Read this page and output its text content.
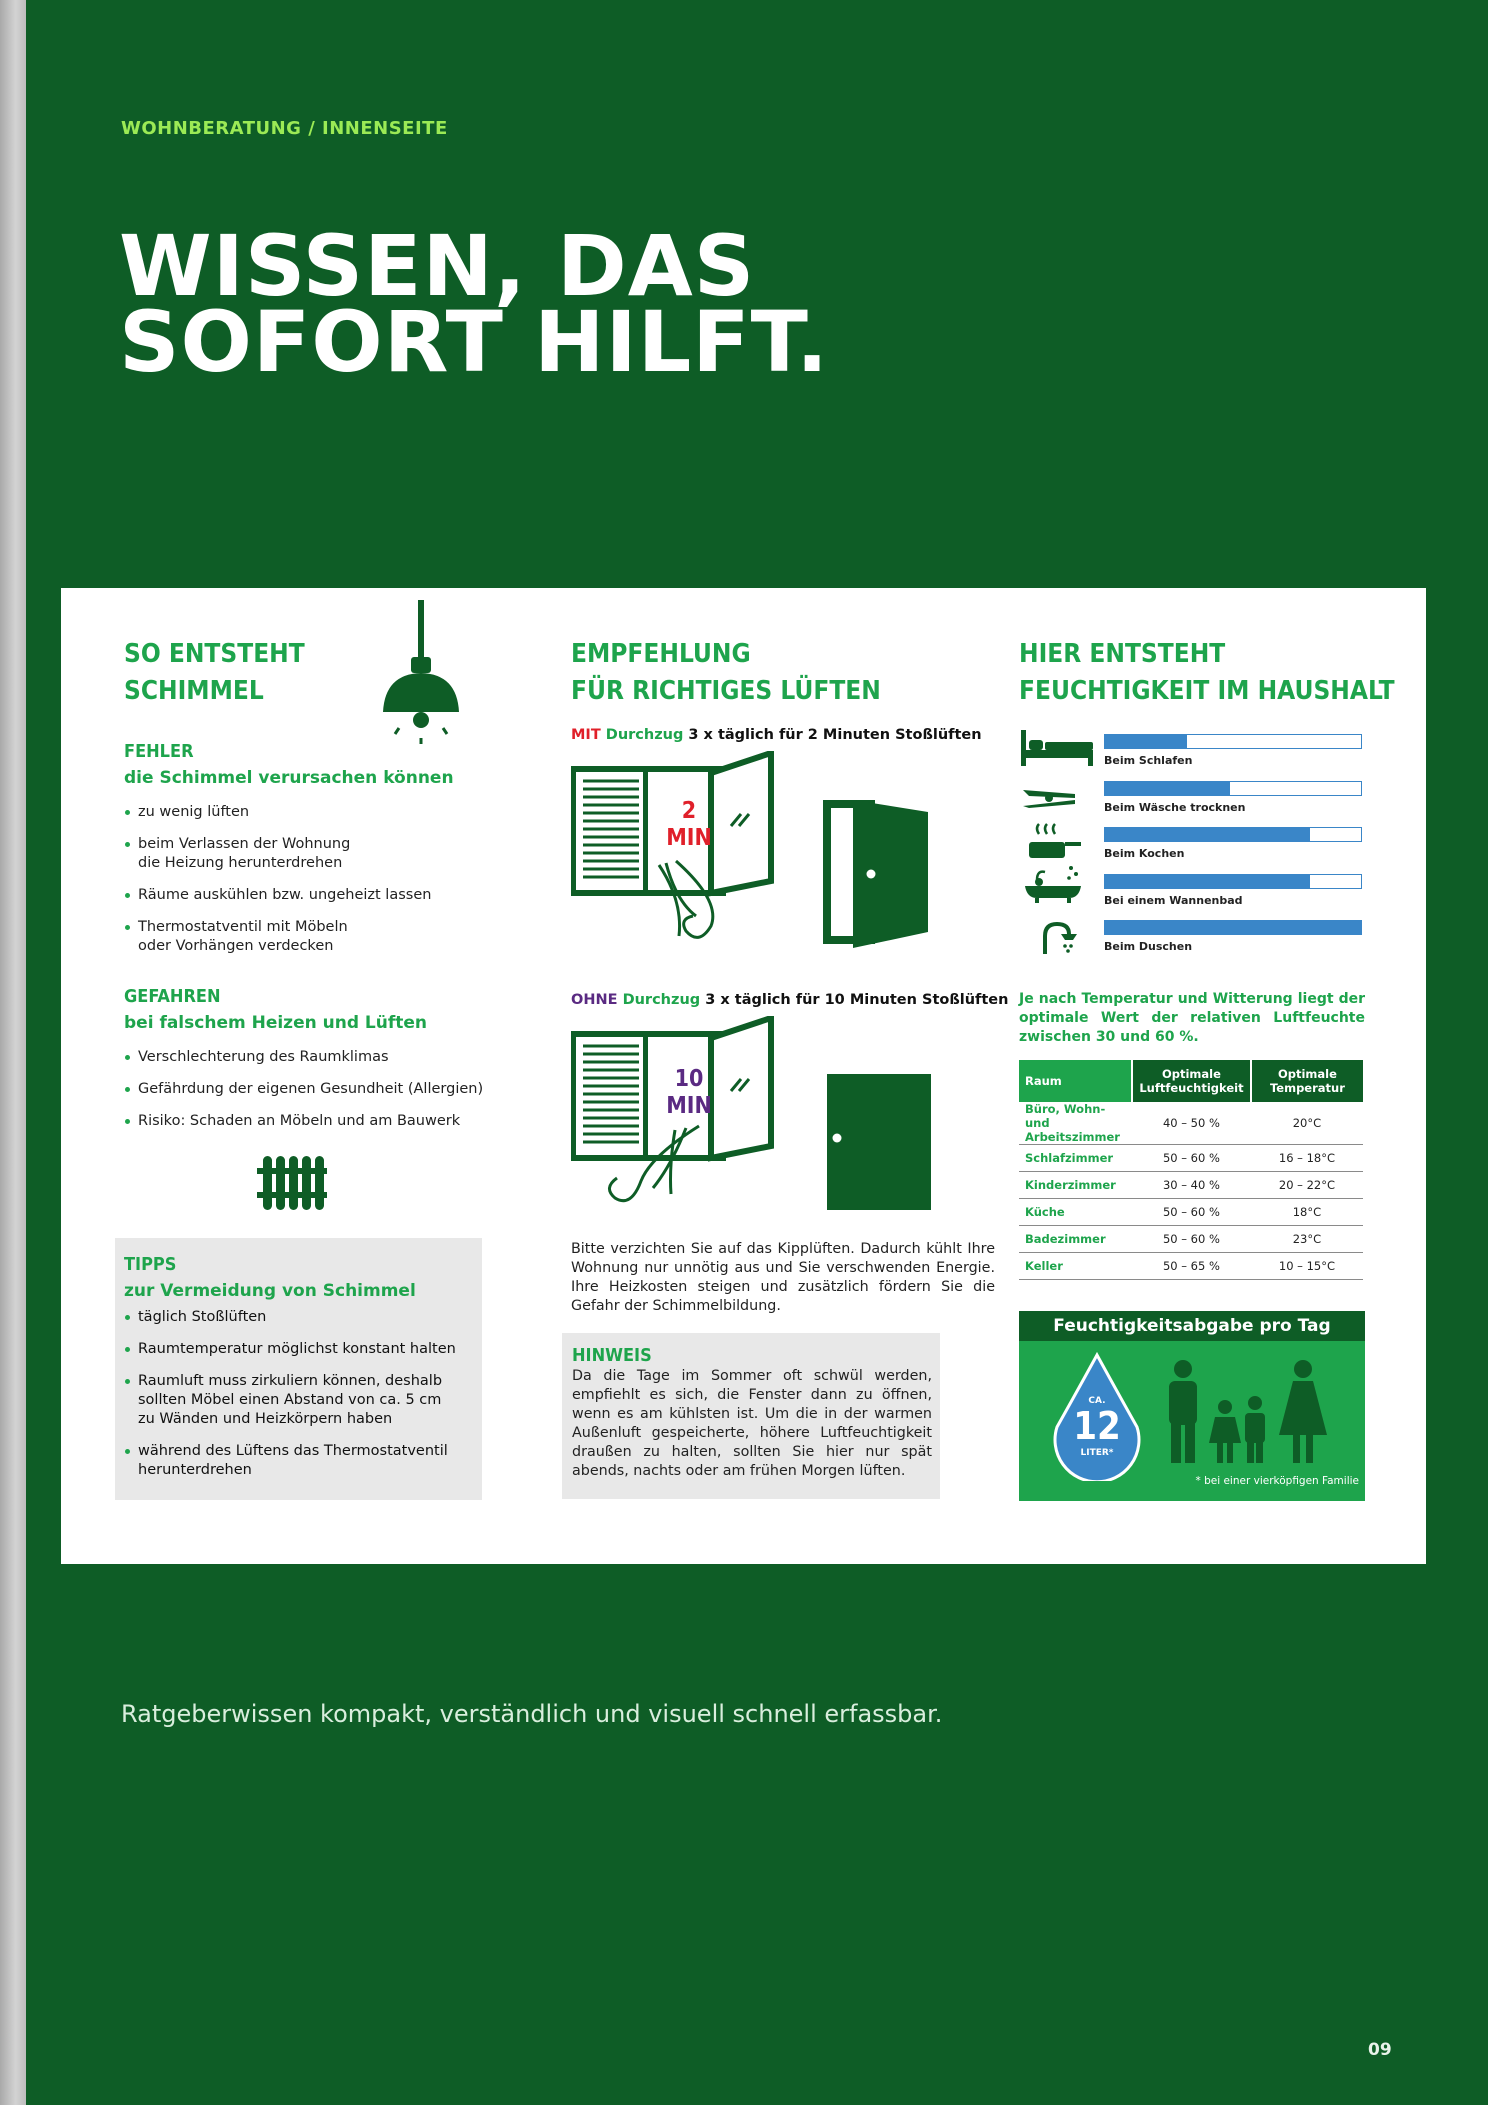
WOHNBERATUNG / INNENSEITE
WISSEN, DAS
SOFORT HILFT.
SO ENTSTEHT
SCHIMMEL
FEHLER
die Schimmel verursachen können
zu wenig lüften
beim Verlassen der Wohnung
die Heizung herunterdrehen
Räume auskühlen bzw. ungeheizt lassen
Thermostatventil mit Möbeln
oder Vorhängen verdecken
GEFAHREN
bei falschem Heizen und Lüften
Verschlechterung des Raumklimas
Gefährdung der eigenen Gesundheit (Allergien)
Risiko: Schaden an Möbeln und am Bauwerk
TIPPS
zur Vermeidung von Schimmel
täglich Stoßlüften
Raumtemperatur möglichst konstant halten
Raumluft muss zirkuliern können, deshalb
sollten Möbel einen Abstand von ca. 5 cm
zu Wänden und Heizkörpern haben
während des Lüftens das Thermostatventil
herunterdrehen
EMPFEHLUNG
FÜR RICHTIGES LÜFTEN
MIT Durchzug 3 x täglich für 2 Minuten Stoßlüften
2
MIN
OHNE Durchzug 3 x täglich für 10 Minuten Stoßlüften
10
MIN
Bitte verzichten Sie auf das Kipplüften. Dadurch kühlt Ihre Wohnung nur unnötig aus und Sie verschwenden Energie. Ihre Heizkosten steigen und zusätzlich fördern Sie die Gefahr der Schimmelbildung.
HINWEIS
Da die Tage im Sommer oft schwül werden, empfiehlt es sich, die Fenster dann zu öffnen, wenn es am kühlsten ist. Um die in der warmen Außenluft gespeicherte, höhere Luftfeuchtigkeit draußen zu halten, sollten Sie hier nur spät abends, nachts oder am frühen Morgen lüften.
HIER ENTSTEHT
FEUCHTIGKEIT IM HAUSHALT
Beim Schlafen
Beim Wäsche trocknen
Beim Kochen
Bei einem Wannenbad
Beim Duschen
Je nach Temperatur und Witterung liegt der optimale Wert der relativen Luftfeuchte zwischen 30 und 60 %.
Raum	Optimale Luftfeuchtigkeit	Optimale Temperatur
Büro, Wohn- und Arbeitszimmer	40 – 50 %	20°C
Schlafzimmer	50 – 60 %	16 – 18°C
Kinderzimmer	30 – 40 %	20 – 22°C
Küche	50 – 60 %	18°C
Badezimmer	50 – 60 %	23°C
Keller	50 – 65 %	10 – 15°C
Feuchtigkeitsabgabe pro Tag
CA.
12
LITER*
* bei einer vierköpfigen Familie
Ratgeberwissen kompakt, verständlich und visuell schnell erfassbar.
09
